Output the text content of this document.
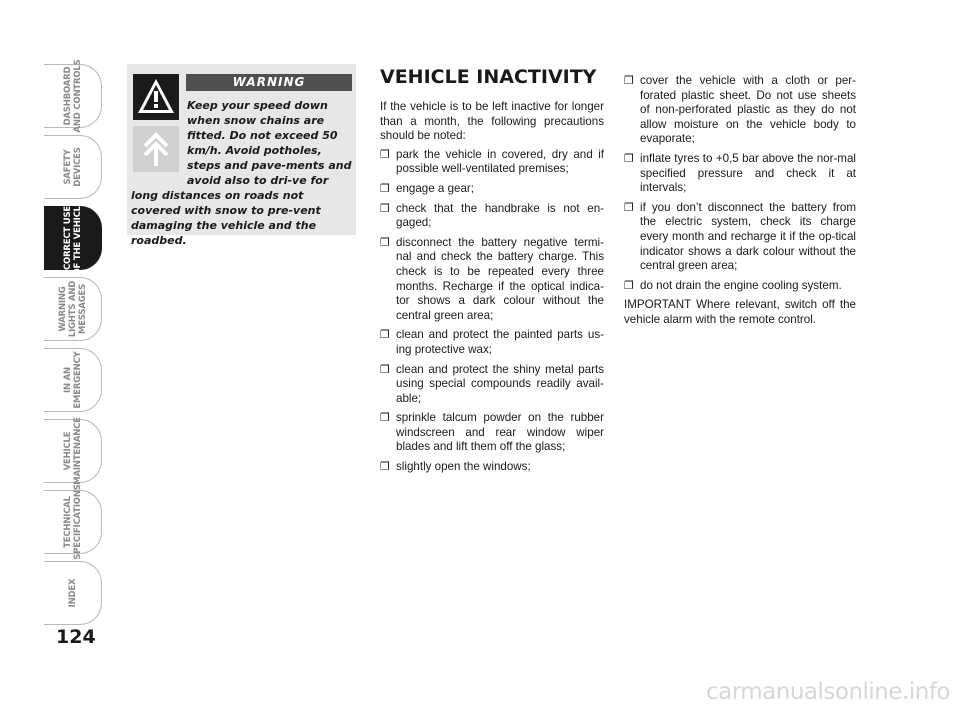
DASHBOARD
AND CONTROLS
SAFETY
DEVICES
CORRECT USE
OF THE VEHICLE
WARNING
LIGHTS AND
MESSAGES
IN AN
EMERGENCY
VEHICLE
MAINTENANCE
TECHNICAL
SPECIFICATIONS
INDEX
124
WARNING
Keep your speed down when snow chains are fitted. Do not exceed 50 km/h. Avoid potholes, steps and pave-ments and avoid also to dri-ve for long distances on roads not covered with snow to pre-vent damaging the vehicle and the roadbed.
VEHICLE INACTIVITY

If the vehicle is to be left inactive for longer than a month, the following precautions should be noted:

❐ park the vehicle in covered, dry and if possible well-ventilated premises;
❐ engage a gear;
❐ check that the handbrake is not en-gaged;
❐ disconnect the battery negative termi-nal and check the battery charge. This check is to be repeated every three months. Recharge if the optical indica-tor shows a dark colour without the central green area;
❐ clean and protect the painted parts us-ing protective wax;
❐ clean and protect the shiny metal parts using special compounds readily avail-able;
❐ sprinkle talcum powder on the rubber windscreen and rear window wiper blades and lift them off the glass;
❐ slightly open the windows;
❐ cover the vehicle with a cloth or per-forated plastic sheet. Do not use sheets of non-perforated plastic as they do not allow moisture on the vehicle body to evaporate;
❐ inflate tyres to +0,5 bar above the nor-mal specified pressure and check it at intervals;
❐ if you don’t disconnect the battery from the electric system, check its charge every month and recharge it if the op-tical indicator shows a dark colour without the central green area;
❐ do not drain the engine cooling system.

IMPORTANT Where relevant, switch off the vehicle alarm with the remote control.

carmanualsonline.info
